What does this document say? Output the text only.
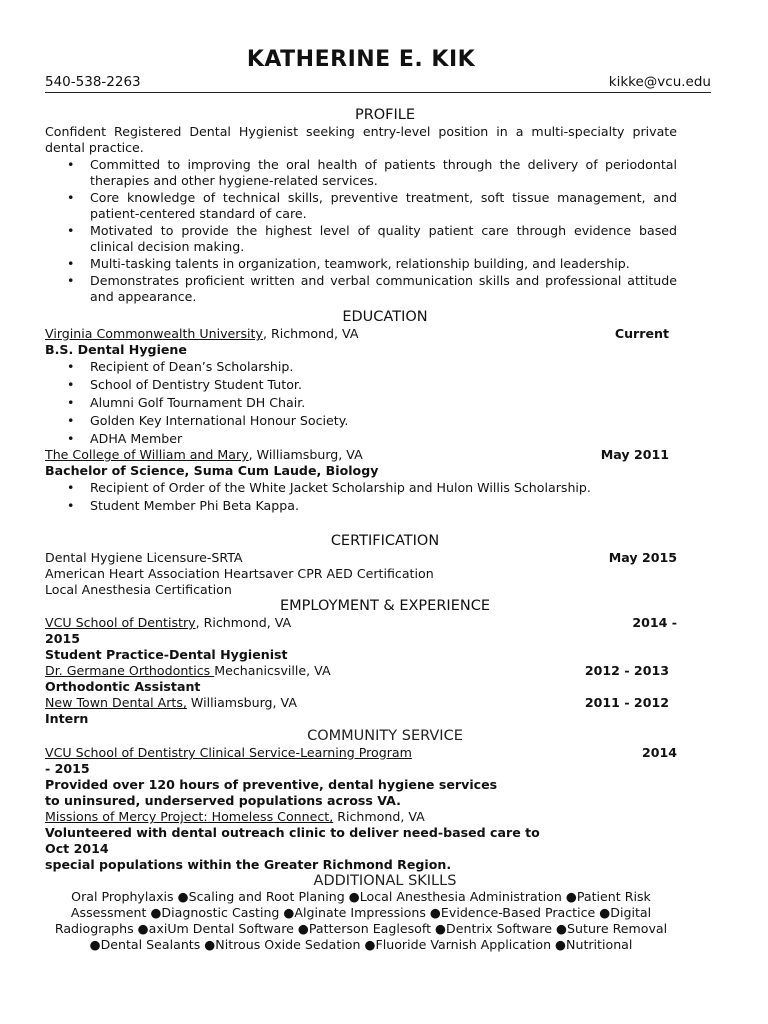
KATHERINE E. KIK
540-538-2263	kikke@vcu.edu
PROFILE
Confident Registered Dental Hygienist seeking entry-level position in a multi-specialty private dental practice.
• Committed to improving the oral health of patients through the delivery of periodontal therapies and other hygiene-related services.
• Core knowledge of technical skills, preventive treatment, soft tissue management, and patient-centered standard of care.
• Motivated to provide the highest level of quality patient care through evidence based clinical decision making.
• Multi-tasking talents in organization, teamwork, relationship building, and leadership.
• Demonstrates proficient written and verbal communication skills and professional attitude and appearance.
EDUCATION
Virginia Commonwealth University, Richmond, VA	Current
B.S. Dental Hygiene
• Recipient of Dean’s Scholarship.
• School of Dentistry Student Tutor.
• Alumni Golf Tournament DH Chair.
• Golden Key International Honour Society.
• ADHA Member
The College of William and Mary, Williamsburg, VA	May 2011
Bachelor of Science, Suma Cum Laude, Biology
• Recipient of Order of the White Jacket Scholarship and Hulon Willis Scholarship.
• Student Member Phi Beta Kappa.
CERTIFICATION
Dental Hygiene Licensure-SRTA	May 2015
American Heart Association Heartsaver CPR AED Certification
Local Anesthesia Certification
EMPLOYMENT & EXPERIENCE
VCU School of Dentistry, Richmond, VA	2014 -
2015
Student Practice-Dental Hygienist
Dr. Germane Orthodontics Mechanicsville, VA	2012 - 2013
Orthodontic Assistant
New Town Dental Arts, Williamsburg, VA	2011 - 2012
Intern
COMMUNITY SERVICE
VCU School of Dentistry Clinical Service-Learning Program	2014
- 2015
Provided over 120 hours of preventive, dental hygiene services
to uninsured, underserved populations across VA.
Missions of Mercy Project: Homeless Connect, Richmond, VA
Volunteered with dental outreach clinic to deliver need-based care to
Oct 2014
special populations within the Greater Richmond Region.
ADDITIONAL SKILLS
Oral Prophylaxis ●Scaling and Root Planing ●Local Anesthesia Administration ●Patient Risk Assessment ●Diagnostic Casting ●Alginate Impressions ●Evidence-Based Practice ●Digital Radiographs ●axiUm Dental Software ●Patterson Eaglesoft ●Dentrix Software ●Suture Removal ●Dental Sealants ●Nitrous Oxide Sedation ●Fluoride Varnish Application ●Nutritional
